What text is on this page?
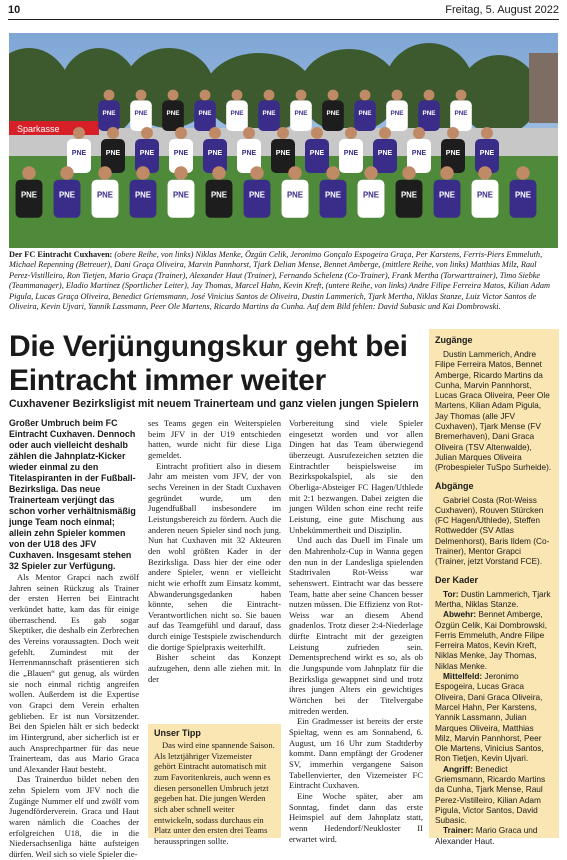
10	Freitag, 5. August 2022
Sparkasse
PNE	PNE	PNE	PNE	PNE	PNE	PNE	PNE	PNE	PNE	PNE	PNE
PNE	PNE	PNE	PNE	PNE	PNE	PNE	PNE	PNE	PNE	PNE	PNE	PNE
PNE	PNE	PNE	PNE	PNE	PNE	PNE	PNE	PNE	PNE	PNE	PNE	PNE	PNE

Der FC Eintracht Cuxhaven: (obere Reihe, von links) Niklas Menke, Özgün Celik, Jeronimo Gonçalo Espogeira Graça, Per Karstens, Ferris-Piers Emmeluth, Michael Repenning (Betreuer), Dani Graça Oliveira, Marvin Pannhorst, Tjark Delian Mense, Bennet Amberge, (mittlere Reihe, von links) Matthias Milz, Raul Perez-Vistilleiro, Ron Tietjen, Mario Graça (Trainer), Alexander Haut (Trainer), Fernando Schelenz (Co-Trainer), Frank Mertha (Torwarttrainer), Timo Siebke (Teammanager), Eladio Martinez (Sportlicher Leiter), Jay Thomas, Marcel Hahn, Kevin Kreft, (untere Reihe, von links) Andre Filipe Ferreira Matos, Kilian Adam Pigula, Lucas Graça Oliveira, Benedict Griemsmann, José Vinicius Santos de Oliveira, Dustin Lammerich, Tjark Mertha, Niklas Stanze, Luiz Victor Santos de Oliveira, Kevin Ujvari, Yannik Lassmann, Peer Ole Martens, Ricardo Martins da Cunha. Auf dem Bild fehlen: David Subasic und Kai Dombrowski.

Die Verjüngungskur geht bei Eintracht immer weiter
Cuxhavener Bezirksligist mit neuem Trainerteam und ganz vielen jungen Spielern

Großer Umbruch beim FC Eintracht Cuxhaven. Dennoch oder auch vielleicht deshalb zählen die Jahnplatz-Kicker wieder einmal zu den Titelaspiranten in der Fußball-Bezirksliga. Das neue Trainerteam verjüngt das schon vorher verhältnismäßig junge Team noch einmal; allein zehn Spieler kommen von der U18 des JFV Cuxhaven. Insgesamt stehen 32 Spieler zur Verfügung.

Als Mentor Grapci nach zwölf Jahren seinen Rückzug als Trainer der ersten Herren bei Eintracht verkündet hatte, kam das für einige überraschend. Es gab sogar Skeptiker, die deshalb ein Zerbrechen des Vereins voraussagten. Doch weit gefehlt. Zumindest mit der Herrenmannschaft präsentieren sich die „Blauen“ gut genug, als würden sie noch einmal richtig angreifen wollen. Außerdem ist die Expertise von Grapci dem Verein erhalten geblieben. Er ist nun Vorsitzender. Bei den Spielen hält er sich bedeckt im Hintergrund, aber sicherlich ist er auch Ansprechpartner für das neue Trainerteam, das aus Mario Graca und Alexander Haut besteht.

Das Trainerduo bildet neben den zehn Spielern vom JFV noch die Zugänge Nummer elf und zwölf vom Jugendförderverein. Graca und Haut waren nämlich die Coaches der erfolgreichen U18, die in die Niedersachsenliga hätte aufsteigen dürfen. Weil sich so viele Spieler die-

ses Teams gegen ein Weiterspielen beim JFV in der U19 entschieden hatten, wurde nicht für diese Liga gemeldet.

Eintracht profitiert also in diesem Jahr am meisten vom JFV, der von sechs Vereinen in der Stadt Cuxhaven gegründet wurde, um den Jugendfußball insbesondere im Leistungsbereich zu fördern. Auch die anderen neuen Spieler sind noch jung. Nun hat Cuxhaven mit 32 Akteuren den wohl größten Kader in der Bezirksliga. Dass hier der eine oder andere Spieler, wenn er vielleicht nicht wie erhofft zum Einsatz kommt, Abwanderungsgedanken haben könnte, sehen die Eintracht-Verantwortlichen nicht so. Sie bauen auf das Teamgefühl und darauf, dass durch einige Testspiele zwischendurch die dortige Spielpraxis weiterhilft.

Bisher scheint das Konzept aufzugehen, denn alle ziehen mit. In der

Vorbereitung sind viele Spieler eingesetzt worden und vor allen Dingen hat das Team überwiegend überzeugt. Ausrufezeichen setzten die Eintrachtler beispielsweise im Bezirkspokalspiel, als sie den Oberliga-Absteiger FC Hagen/Uthlede mit 2:1 bezwangen. Dabei zeigten die jungen Wilden schon eine recht reife Leistung, eine gute Mischung aus Unbekümmertheit und Disziplin.

Und auch das Duell im Finale um den Mahrenholz-Cup in Wanna gegen den nun in der Landesliga spielenden Stadtrivalen Rot-Weiss war sehenswert. Eintracht war das bessere Team, hatte aber seine Chancen besser nutzen müssen. Die Effizienz von Rot-Weiss war an diesem Abend gnadenlos. Trotz dieser 2:4-Niederlage dürfte Eintracht mit der gezeigten Leistung zufrieden sein. Dementsprechend wirkt es so, als ob die Jungspunde vom Jahnplatz für die Bezirksliga gewappnet sind und trotz ihres jungen Alters ein gewichtiges Wörtchen bei der Titelvergabe mitreden werden.

Ein Gradmesser ist bereits der erste Spieltag, wenn es am Sonnabend, 6. August, um 16 Uhr zum Stadtderby kommt. Dann empfängt der Grodener SV, immerhin vergangene Saison Tabellenvierter, den Vizemeister FC Eintracht Cuxhaven.

Eine Woche später, aber am Sonntag, findet dann das erste Heimspiel auf dem Jahnplatz statt, wenn Hedendorf/Neukloster II erwartet wird.

Unser Tipp

Das wird eine spannende Saison. Als letztjähriger Vizemeister gehört Eintracht automatisch mit zum Favoritenkreis, auch wenn es diesen personellen Umbruch jetzt gegeben hat. Die jungen Werden sich aber schnell weiter entwickeln, sodass durchaus ein Platz unter den ersten drei Teams herausspringen sollte.

Zugänge

Dustin Lammerich, Andre Filipe Ferreira Matos, Bennet Amberge, Ricardo Martins da Cunha, Marvin Pannhorst, Lucas Graca Oliveira, Peer Ole Martens, Kilian Adam Pigula, Jay Thomas (alle JFV Cuxhaven), Tjark Mense (FV Bremerhaven), Dani Graca Oliveira (TSV Altenwalde), Julian Marques Oliveira (Probespieler TuSpo Surheide).

Abgänge

Gabriel Costa (Rot-Weiss Cuxhaven), Rouven Stürcken (FC Hagen/Uthlede), Steffen Rottwedder (SV Atlas Delmenhorst), Baris Ildem (Co-Trainer), Mentor Grapci (Trainer, jetzt Vorstand FCE).

Der Kader

Tor: Dustin Lammerich, Tjark Mertha, Niklas Stanze.

Abwehr: Bennet Amberge, Özgün Celik, Kai Dombrowski, Ferris Emmeluth, Andre Filipe Ferreira Matos, Kevin Kreft, Niklas Menke, Jay Thomas, Niklas Menke.

Mittelfeld: Jeronimo Espogeira, Lucas Graca Oliveira, Dani Graca Oliveira, Marcel Hahn, Per Karstens, Yannik Lassmann, Julian Marques Oliveira, Matthias Milz, Marvin Pannhorst, Peer Ole Martens, Vinicius Santos, Ron Tietjen, Kevin Ujvari.

Angriff: Benedict Griemsmann, Ricardo Martins da Cunha, Tjark Mense, Raul Perez-Vistilleiro, Kilian Adam Pigula, Victor Santos, David Subasic.

Trainer: Mario Graca und Alexander Haut.
